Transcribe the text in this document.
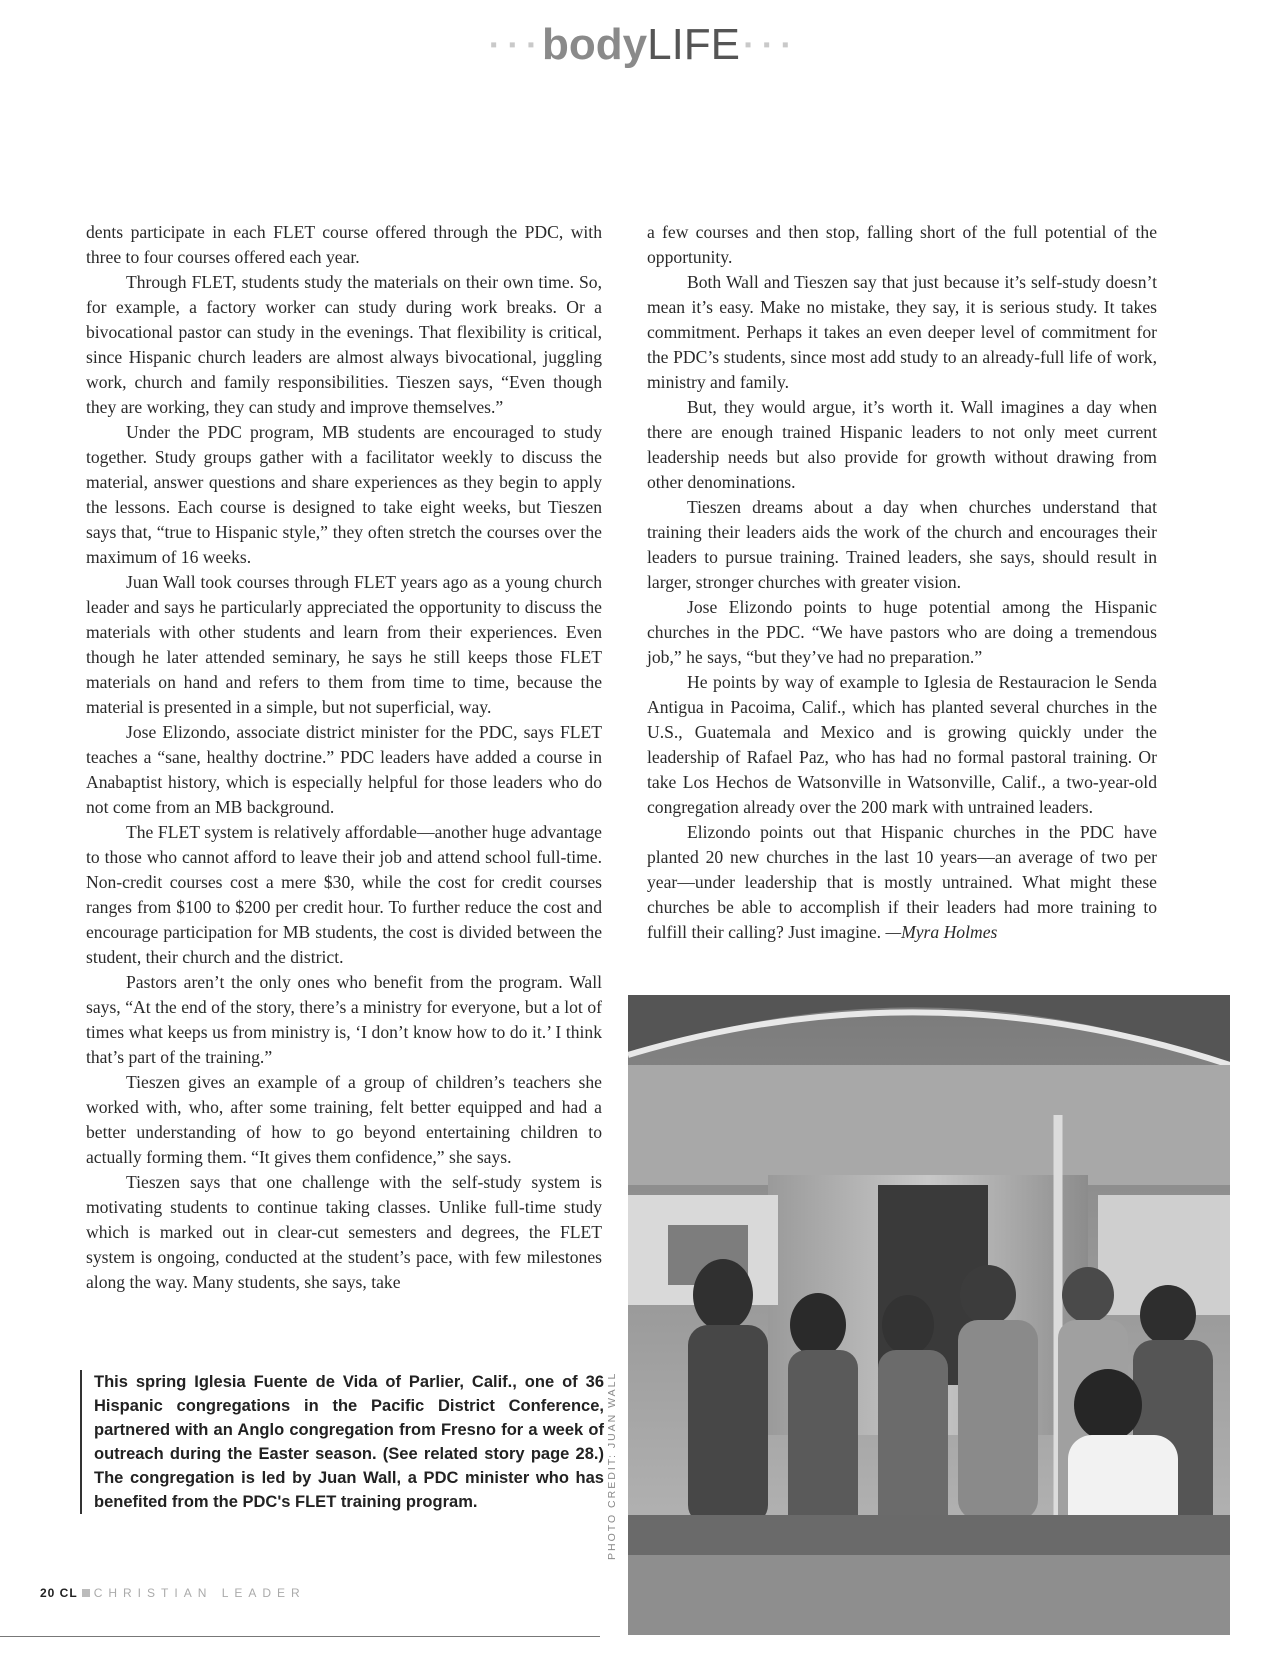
▪ ▪ ▪ bodyLIFE ▪ ▪ ▪

dents participate in each FLET course offered through the PDC, with three to four courses offered each year.

Through FLET, students study the materials on their own time. So, for example, a factory worker can study during work breaks. Or a bivocational pastor can study in the evenings. That flexibility is critical, since Hispanic church leaders are almost always bivocational, juggling work, church and family responsibilities. Tieszen says, “Even though they are working, they can study and improve themselves.”

Under the PDC program, MB students are encouraged to study together. Study groups gather with a facilitator weekly to discuss the material, answer questions and share experiences as they begin to apply the lessons. Each course is designed to take eight weeks, but Tieszen says that, “true to Hispanic style,” they often stretch the courses over the maximum of 16 weeks.

Juan Wall took courses through FLET years ago as a young church leader and says he particularly appreciated the opportunity to discuss the materials with other students and learn from their experiences. Even though he later attended seminary, he says he still keeps those FLET materials on hand and refers to them from time to time, because the material is presented in a simple, but not superficial, way.

Jose Elizondo, associate district minister for the PDC, says FLET teaches a “sane, healthy doctrine.” PDC leaders have added a course in Anabaptist history, which is especially helpful for those leaders who do not come from an MB background.

The FLET system is relatively affordable—another huge advantage to those who cannot afford to leave their job and attend school full-time. Non-credit courses cost a mere $30, while the cost for credit courses ranges from $100 to $200 per credit hour. To further reduce the cost and encourage participation for MB students, the cost is divided between the student, their church and the district.

Pastors aren’t the only ones who benefit from the program. Wall says, “At the end of the story, there’s a ministry for everyone, but a lot of times what keeps us from ministry is, ‘I don’t know how to do it.’ I think that’s part of the training.”

Tieszen gives an example of a group of children’s teachers she worked with, who, after some training, felt better equipped and had a better understanding of how to go beyond entertaining children to actually forming them. “It gives them confidence,” she says.

Tieszen says that one challenge with the self-study system is motivating students to continue taking classes. Unlike full-time study which is marked out in clear-cut semesters and degrees, the FLET system is ongoing, conducted at the student’s pace, with few milestones along the way. Many students, she says, take

a few courses and then stop, falling short of the full potential of the opportunity.

Both Wall and Tieszen say that just because it’s self-study doesn’t mean it’s easy. Make no mistake, they say, it is serious study. It takes commitment. Perhaps it takes an even deeper level of commitment for the PDC’s students, since most add study to an already-full life of work, ministry and family.

But, they would argue, it’s worth it. Wall imagines a day when there are enough trained Hispanic leaders to not only meet current leadership needs but also provide for growth without drawing from other denominations.

Tieszen dreams about a day when churches understand that training their leaders aids the work of the church and encourages their leaders to pursue training. Trained leaders, she says, should result in larger, stronger churches with greater vision.

Jose Elizondo points to huge potential among the Hispanic churches in the PDC. “We have pastors who are doing a tremendous job,” he says, “but they’ve had no preparation.”

He points by way of example to Iglesia de Restauracion le Senda Antigua in Pacoima, Calif., which has planted several churches in the U.S., Guatemala and Mexico and is growing quickly under the leadership of Rafael Paz, who has had no formal pastoral training. Or take Los Hechos de Watsonville in Watsonville, Calif., a two-year-old congregation already over the 200 mark with untrained leaders.

Elizondo points out that Hispanic churches in the PDC have planted 20 new churches in the last 10 years—an average of two per year—under leadership that is mostly untrained. What might these churches be able to accomplish if their leaders had more training to fulfill their calling? Just imagine. —Myra Holmes

This spring Iglesia Fuente de Vida of Parlier, Calif., one of 36 Hispanic congregations in the Pacific District Conference, partnered with an Anglo congregation from Fresno for a week of outreach during the Easter season. (See related story page 28.) The congregation is led by Juan Wall, a PDC minister who has benefited from the PDC's FLET training program.	PHOTO CREDIT: JUAN WALL
20 CL CHRISTIAN LEADER
